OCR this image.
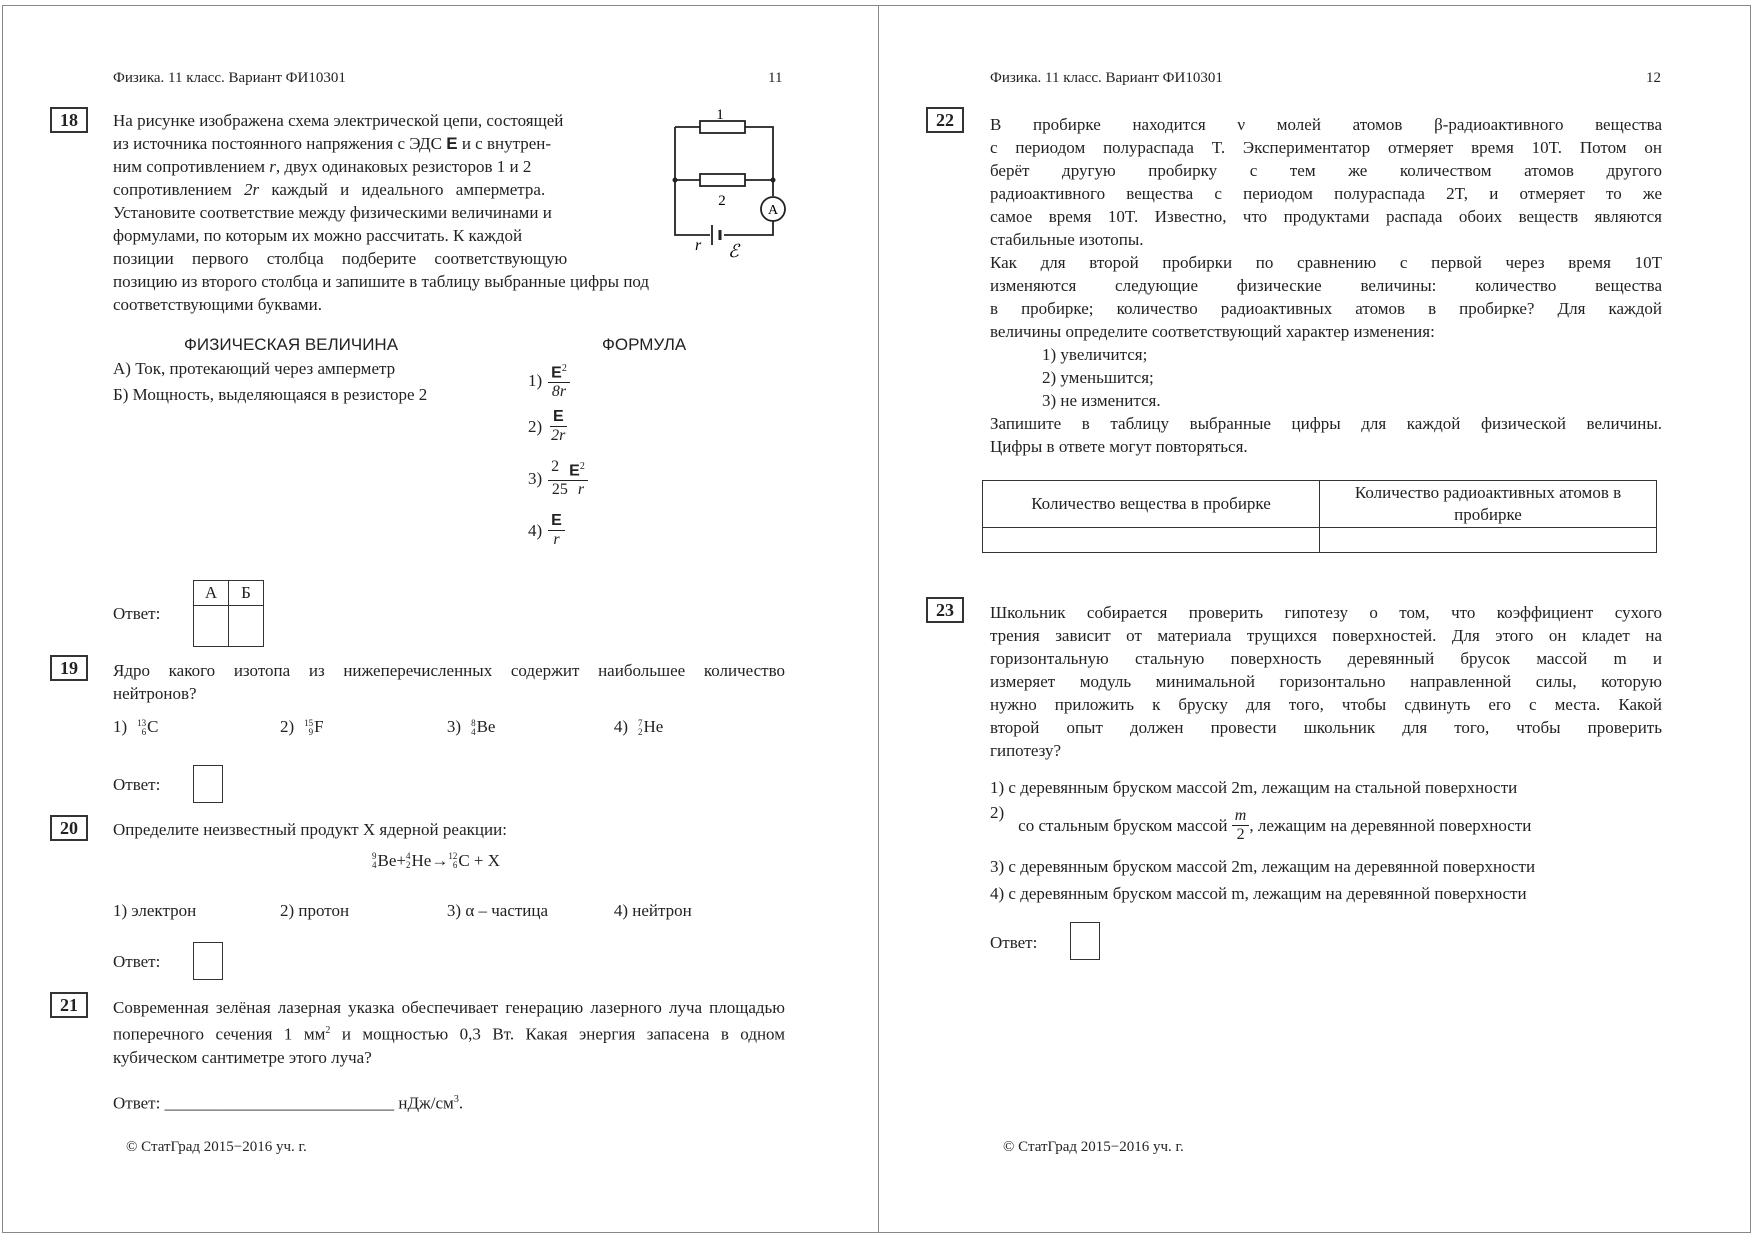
Физика. 11 класс. Вариант ФИ10301	11
18	На рисунке изображена схема электрической цепи, состоящей
из источника постоянного напряжения с ЭДС E и с внутрен-
ним сопротивлением r, двух одинаковых резисторов 1 и 2
сопротивлением 2r каждый и идеального амперметра.
Установите соответствие между физическими величинами и
формулами, по которым их можно рассчитать. К каждой
позиции первого столбца подберите соответствующую
позицию из второго столбца и запишите в таблицу выбранные цифры под
соответствующими буквами.
1
2
A
r ℰ
ФИЗИЧЕСКАЯ ВЕЛИЧИНА	ФОРМУЛА
А) Ток, протекающий через амперметр
Б) Мощность, выделяющаяся в резисторе 2
$1) \frac{E^2}{8r}$
$2) \frac{E}{2r}$
$3) \frac{2 E^2}{25 r}$
$4) \frac{E}{r}$
Ответ:
А	Б

19	Ядро какого изотопа из нижеперечисленных содержит наибольшее количество нейтронов?
1) 13
6 C	2) 15
9 F	3) 8
4 Be	4) 7
2 He
Ответ:
20	Определите неизвестный продукт X ядерной реакции:
9
4 Be + 4
2 He → 12
6 C
+ X
1) электрон	2) протон	3) α – частица	4) нейтрон
Ответ:
21	Современная зелёная лазерная указка обеспечивает генерацию лазерного луча площадью поперечного сечения 1 $мм^2$ и мощностью 0,3 Вт. Какая энергия запасена в одном кубическом сантиметре этого луча?
Ответ: ___________________________ нДж/$см^3$.
© СтатГрад 2015−2016 уч. г.
Физика. 11 класс. Вариант ФИ10301	12
22	В пробирке находится ν молей атомов β-радиоактивного вещества
с периодом полураспада T. Экспериментатор отмеряет время 10T. Потом он
берёт другую пробирку с тем же количеством атомов другого
радиоактивного вещества с периодом полураспада 2T, и отмеряет то же
самое время 10T. Известно, что продуктами распада обоих веществ являются
стабильные изотопы.
Как для второй пробирки по сравнению с первой через время 10T
изменяются следующие физические величины: количество вещества
в пробирке; количество радиоактивных атомов в пробирке? Для каждой
величины определите соответствующий характер изменения:
1) увеличится;
2) уменьшится;
3) не изменится.
Запишите в таблицу выбранные цифры для каждой физической величины.
Цифры в ответе могут повторяться.
Количество вещества в пробирке	Количество радиоактивных атомов в пробирке

23	Школьник собирается проверить гипотезу о том, что коэффициент сухого
трения зависит от материала трущихся поверхностей. Для этого он кладет на
горизонтальную стальную поверхность деревянный брусок массой m и
измеряет модуль минимальной горизонтально направленной силы, которую
нужно приложить к бруску для того, чтобы сдвинуть его с места. Какой
второй опыт должен провести школьник для того, чтобы проверить
гипотезу?
1) с деревянным бруском массой 2m, лежащим на стальной поверхности
2)
со стальным бруском массой
$\frac{m}{2}$ , лежащим на деревянной поверхности
3) с деревянным бруском массой 2m, лежащим на деревянной поверхности
4) с деревянным бруском массой m, лежащим на деревянной поверхности
Ответ:
© СтатГрад 2015−2016 уч. г.
